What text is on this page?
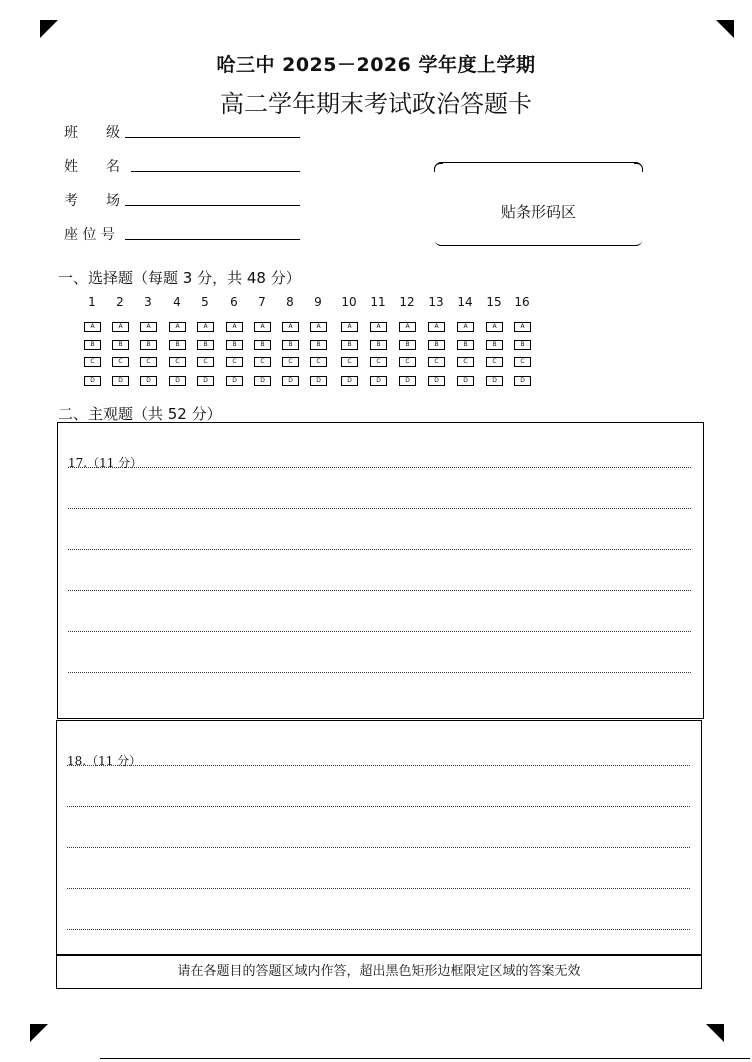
哈三中 2025－2026 学年度上学期
高二学年期末考试政治答题卡
班　　级
姓　　名
考　　场
座 位 号
贴条形码区
一、选择题（每题 3 分，共 48 分）
1
A
B
C
D
2
A
B
C
D
3
A
B
C
D
4
A
B
C
D
5
A
B
C
D
6
A
B
C
D
7
A
B
C
D
8
A
B
C
D
9
A
B
C
D
10
A
B
C
D
11
A
B
C
D
12
A
B
C
D
13
A
B
C
D
14
A
B
C
D
15
A
B
C
D
16
A
B
C
D
二、主观题（共 52 分）
17.（11 分）
18.（11 分）
请在各题目的答题区域内作答，超出黑色矩形边框限定区域的答案无效
